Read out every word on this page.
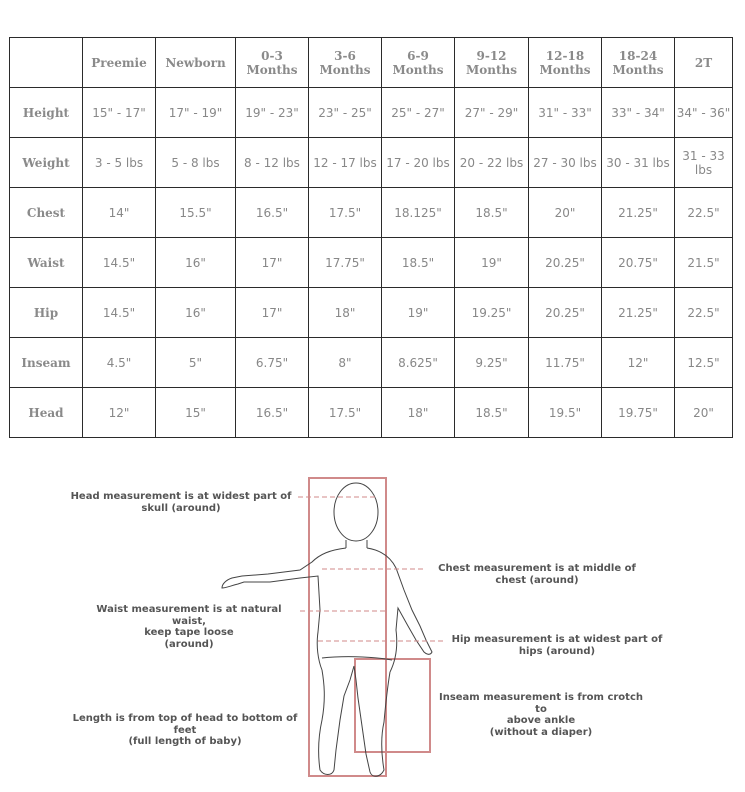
	Preemie	Newborn	0-3 Months	3-6 Months	6-9 Months	9-12 Months	12-18 Months	18-24 Months	2T
Height	15" - 17"	17" - 19"	19" - 23"	23" - 25"	25" - 27"	27" - 29"	31" - 33"	33" - 34"	34" - 36"
Weight	3 - 5 lbs	5 - 8 lbs	8 - 12 lbs	12 - 17 lbs	17 - 20 lbs	20 - 22 lbs	27 - 30 lbs	30 - 31 lbs	31 - 33 lbs
Chest	14"	15.5"	16.5"	17.5"	18.125"	18.5"	20"	21.25"	22.5"
Waist	14.5"	16"	17"	17.75"	18.5"	19"	20.25"	20.75"	21.5"
Hip	14.5"	16"	17"	18"	19"	19.25"	20.25"	21.25"	22.5"
Inseam	4.5"	5"	6.75"	8"	8.625"	9.25"	11.75"	12"	12.5"
Head	12"	15"	16.5"	17.5"	18"	18.5"	19.5"	19.75"	20"
Head measurement is at widest part of skull (around)
Chest measurement is at middle of chest (around)
Waist measurement is at natural waist,
keep tape loose
(around)	Hip measurement is at widest part of hips (around)
Inseam measurement is from crotch to
above ankle
(without a diaper)
Length is from top of head to bottom of feet
(full length of baby)
